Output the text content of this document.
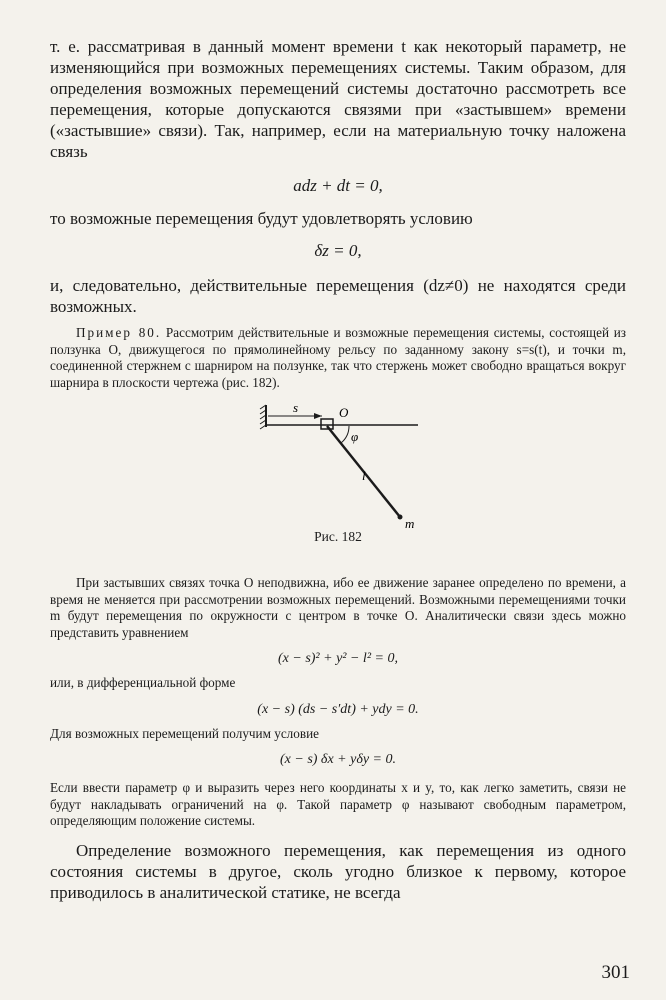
т. е. рассматривая в данный момент времени t как некоторый параметр, не изменяющийся при возможных перемещениях системы. Таким образом, для определения возможных перемещений системы достаточно рассмотреть все перемещения, которые допускаются связями при «застывшем» времени («застывшие» связи). Так, например, если на материальную точку наложена связь

adz + dt = 0,

то возможные перемещения будут удовлетворять условию

δz = 0,

и, следовательно, действительные перемещения (dz≠0) не находятся среди возможных.

Пример 80. Рассмотрим действительные и возможные перемещения системы, состоящей из ползунка O, движущегося по прямолинейному рельсу по заданному закону s=s(t), и точки m, соединенной стержнем с шарниром на ползунке, так что стержень может свободно вращаться вокруг шарнира в плоскости чертежа (рис. 182).

s	O
φ
l
m

Рис. 182

При застывших связях точка O неподвижна, ибо ее движение заранее определено по времени, а время не меняется при рассмотрении возможных перемещений. Возможными перемещениями точки m будут перемещения по окружности с центром в точке O. Аналитически связи здесь можно представить уравнением

(x − s)² + y² − l² = 0,

или, в дифференциальной форме

(x − s) (ds − s′dt) + ydy = 0.

Для возможных перемещений получим условие

(x − s) δx + yδy = 0.

Если ввести параметр φ и выразить через него координаты x и y, то, как легко заметить, связи не будут накладывать ограничений на φ. Такой параметр φ называют свободным параметром, определяющим положение системы.

Определение возможного перемещения, как перемещения из одного состояния системы в другое, сколь угодно близкое к первому, которое приводилось в аналитической статике, не всегда

301
